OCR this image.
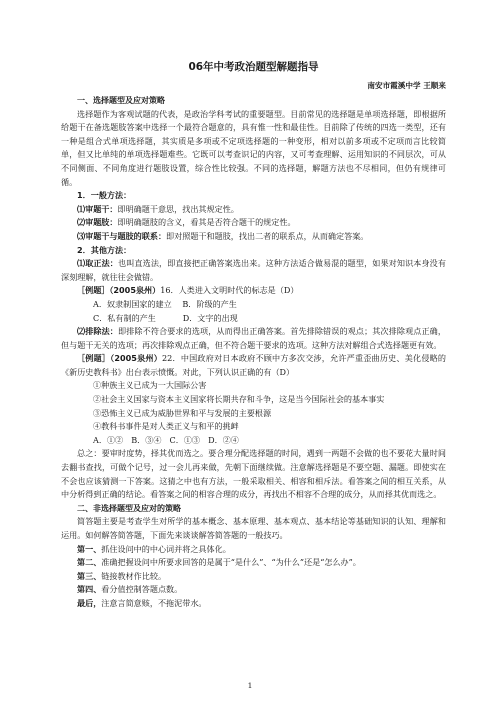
06年中考政治题型解题指导
南安市霞溪中学 王顺来
一、选择题型及应对策略

选择题作为客观试题的代表，是政治学科考试的重要题型。目前常见的选择题是单项选择题，即根据所给题干在备选题肢答案中选择一个最符合题意的，具有惟一性和最佳性。目前除了传统的四选一类型，还有一种是组合式单项选择题，其实质是多项或不定项选择题的一种变形，相对以前多项或不定项而言比较简单，但又比单纯的单项选择题难些。它既可以考查识记的内容，又可考查理解、运用知识的不同层次，可从不同侧面、不同角度进行题肢设置，综合性比较强。不同的选择题，解题方法也不尽相同，但仍有规律可循。

1．一般方法：

⑴审题干：即明确题干意思，找出其规定性。

⑵审题肢：即明确题肢的含义，看其是否符合题干的规定性。

⑶审题干与题肢的联系：即对照题干和题肢，找出二者的联系点，从而确定答案。

2．其他方法：

⑴取正法：也叫直选法，即直接把正确答案选出来。这种方法适合做易混的题型，如果对知识本身没有深刻理解，就往往会做错。

［例题］（2005泉州）16．人类进入文明时代的标志是（D）

A．奴隶制国家的建立　 B．阶级的产生

C．私有制的产生　　　 D．文字的出现

⑵排除法：即排除不符合要求的选项，从而得出正确答案。首先排除错误的观点；其次排除观点正确，但与题干无关的选项；再次排除观点正确，但不符合题干要求的选项。这种方法对解组合式选择题更有效。

［例题］（2005泉州）22．中国政府对日本政府不顾中方多次交涉，允许严重歪曲历史、美化侵略的《新历史教科书》出台表示愤慨。对此，下列认识正确的有（D）

①种族主义已成为一大国际公害

②社会主义国家与资本主义国家将长期共存和斗争，这是当今国际社会的基本事实

③恐怖主义已成为威胁世界和平与发展的主要根源

④教科书事件是对人类正义与和平的挑衅

A．①②　B．③④　C．①③　D．②④

总之：要审时度势，择其优而选之。要合理分配选择题的时间，遇到一两题不会做的也不要花大量时间去翻书查找，可做个记号，过一会儿再来做，先朝下面继续做。注意解选择题是不要空题、漏题。即使实在不会也应该猜测一下答案。这猜之中也有方法，一般采取相关、相容和相斥法。看答案之间的相互关系，从中分析得到正确的结论。看答案之间的相容合理的成分，再找出不相容不合理的成分，从而择其优而选之。

二、非选择题型及应对的策略

简答题主要是考查学生对所学的基本概念、基本原理、基本观点、基本结论等基础知识的认知、理解和运用。如何解答简答题，下面先来谈谈解答简答题的一般技巧。

第一、抓住设问中的中心词并将之具体化。

第二、准确把握设问中所要求回答的是属于“是什么”、“为什么”还是“怎么办”。

第三、链接教材作比较。

第四、看分值控制答题点数。

最后，注意言简意赅，不拖泥带水。

1
